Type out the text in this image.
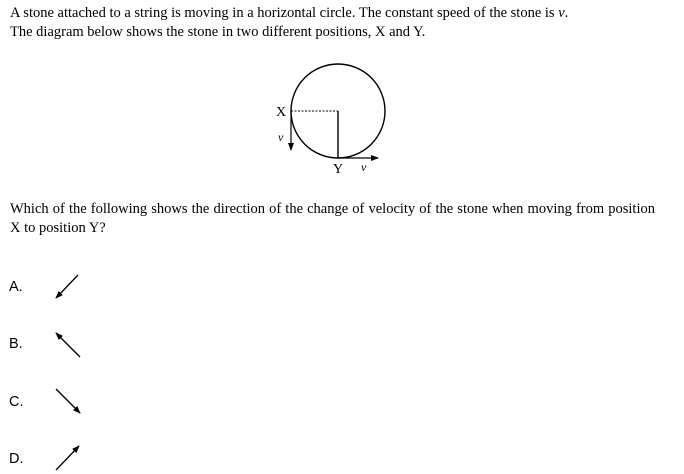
A stone attached to a string is moving in a horizontal circle. The constant speed of the stone is v.
The diagram below shows the stone in two different positions, X and Y.
X
v
Y v
Which of the following shows the direction of the change of velocity of the stone when moving from position X to position Y?
A.
B.
C.
D.
